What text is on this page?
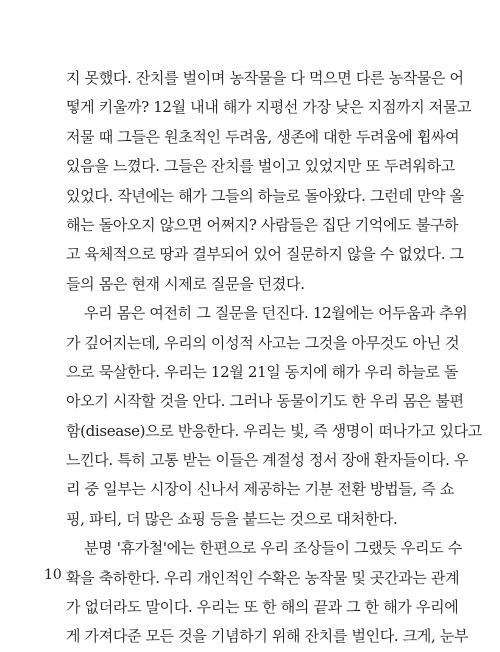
지 못했다. 잔치를 벌이며 농작물을 다 먹으면 다른 농작물은 어
떻게 키울까? 12월 내내 해가 지평선 가장 낮은 지점까지 저물고
저물 때 그들은 원초적인 두려움, 생존에 대한 두려움에 휩싸여
있음을 느꼈다. 그들은 잔치를 벌이고 있었지만 또 두려워하고
있었다. 작년에는 해가 그들의 하늘로 돌아왔다. 그런데 만약 올
해는 돌아오지 않으면 어쩌지? 사람들은 집단 기억에도 불구하
고 육체적으로 땅과 결부되어 있어 질문하지 않을 수 없었다. 그
들의 몸은 현재 시제로 질문을 던졌다.
우리 몸은 여전히 그 질문을 던진다. 12월에는 어두움과 추위
가 깊어지는데, 우리의 이성적 사고는 그것을 아무것도 아닌 것
으로 묵살한다. 우리는 12월 21일 동지에 해가 우리 하늘로 돌
아오기 시작할 것을 안다. 그러나 동물이기도 한 우리 몸은 불편
함(disease)으로 반응한다. 우리는 빛, 즉 생명이 떠나가고 있다고
느낀다. 특히 고통 받는 이들은 계절성 정서 장애 환자들이다. 우
리 중 일부는 시장이 신나서 제공하는 기분 전환 방법들, 즉 쇼
핑, 파티, 더 많은 쇼핑 등을 붙드는 것으로 대처한다.
분명 '휴가철'에는 한편으로 우리 조상들이 그랬듯 우리도 수
확을 축하한다. 우리 개인적인 수확은 농작물 및 곳간과는 관계
가 없더라도 말이다. 우리는 또 한 해의 끝과 그 한 해가 우리에
게 가져다준 모든 것을 기념하기 위해 잔치를 벌인다. 크게, 눈부
10
